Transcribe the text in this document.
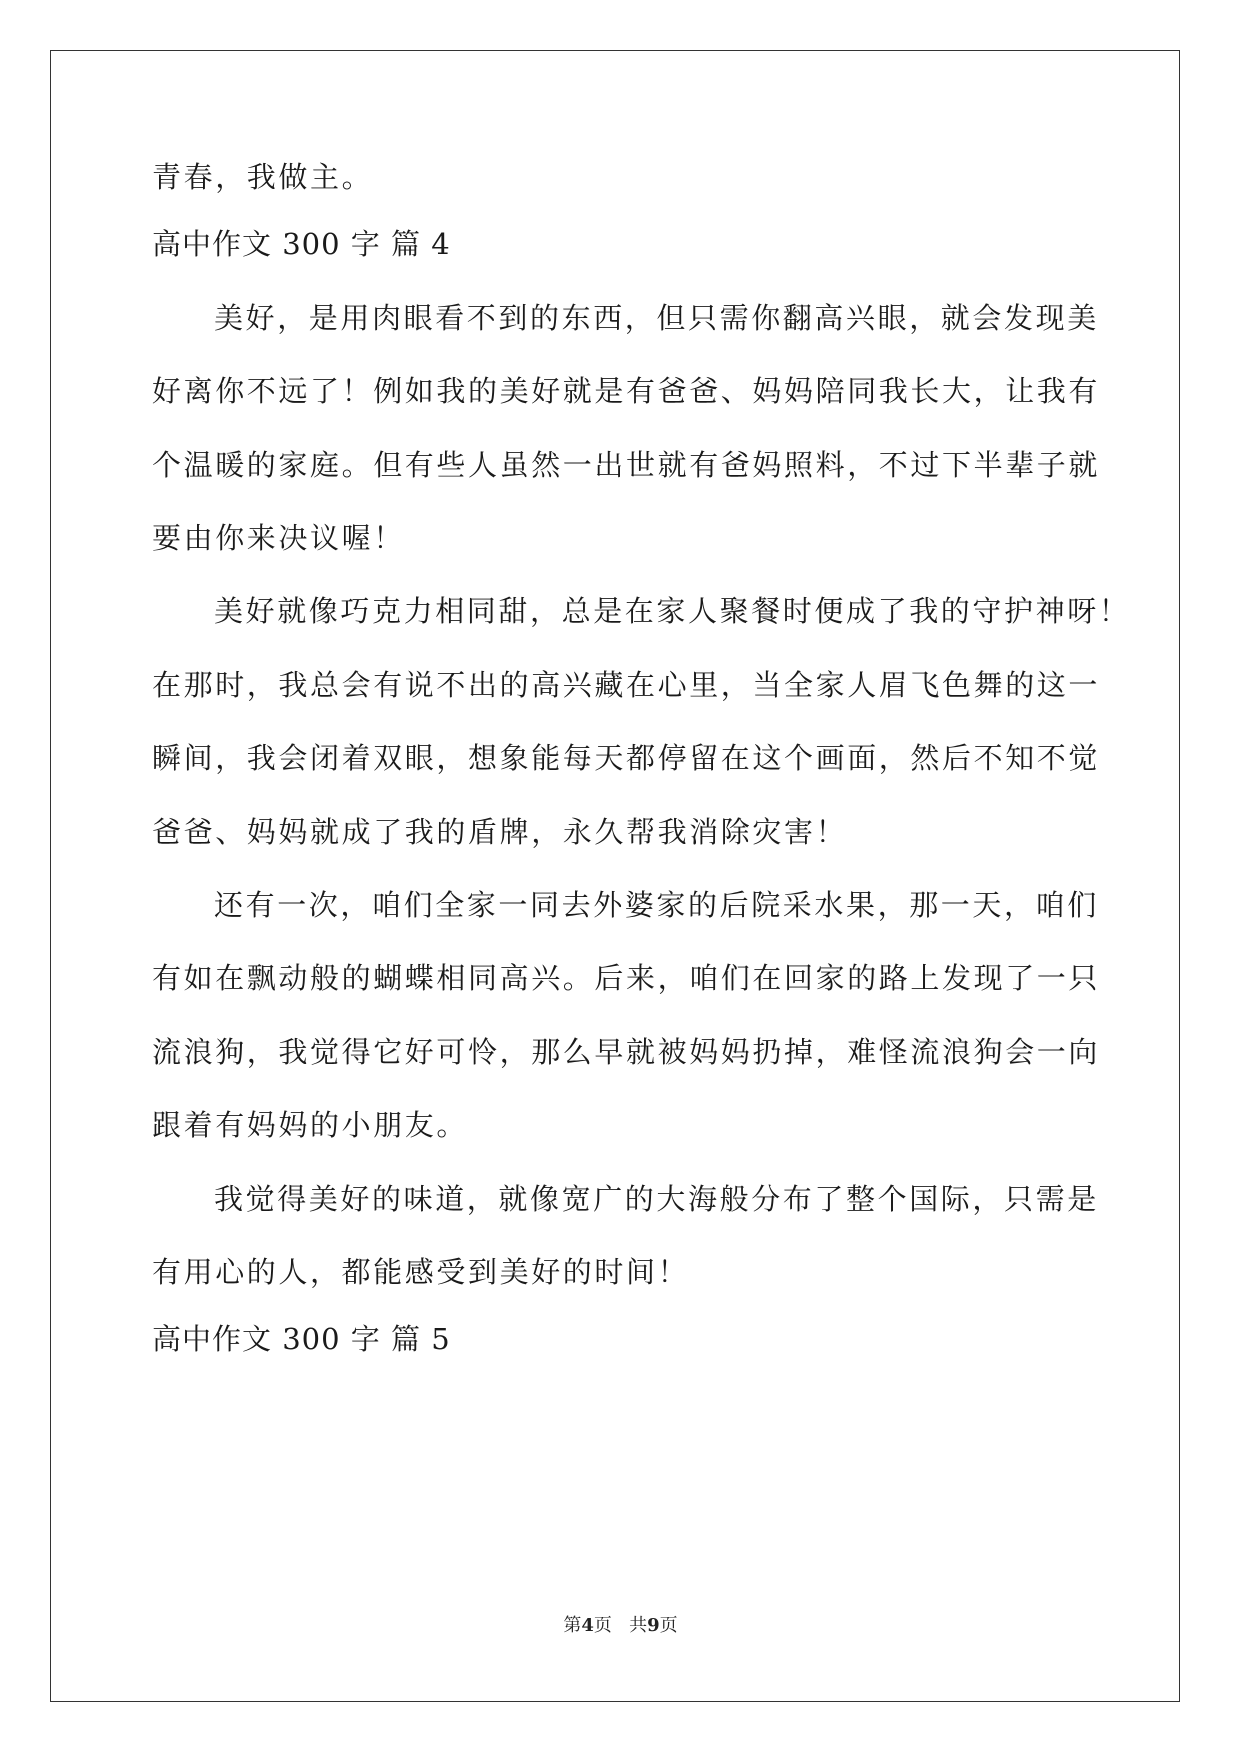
青春，我做主。
高中作文 300 字 篇 4
美好，是用肉眼看不到的东西，但只需你翻高兴眼，就会发现美
好离你不远了！例如我的美好就是有爸爸、妈妈陪同我长大，让我有
个温暖的家庭。但有些人虽然一出世就有爸妈照料，不过下半辈子就
要由你来决议喔！
美好就像巧克力相同甜，总是在家人聚餐时便成了我的守护神呀！
在那时，我总会有说不出的高兴藏在心里，当全家人眉飞色舞的这一
瞬间，我会闭着双眼，想象能每天都停留在这个画面，然后不知不觉
爸爸、妈妈就成了我的盾牌，永久帮我消除灾害！
还有一次，咱们全家一同去外婆家的后院采水果，那一天，咱们
有如在飘动般的蝴蝶相同高兴。后来，咱们在回家的路上发现了一只
流浪狗，我觉得它好可怜，那么早就被妈妈扔掉，难怪流浪狗会一向
跟着有妈妈的小朋友。
我觉得美好的味道，就像宽广的大海般分布了整个国际，只需是
有用心的人，都能感受到美好的时间！
高中作文 300 字 篇 5
第4页   共9页
